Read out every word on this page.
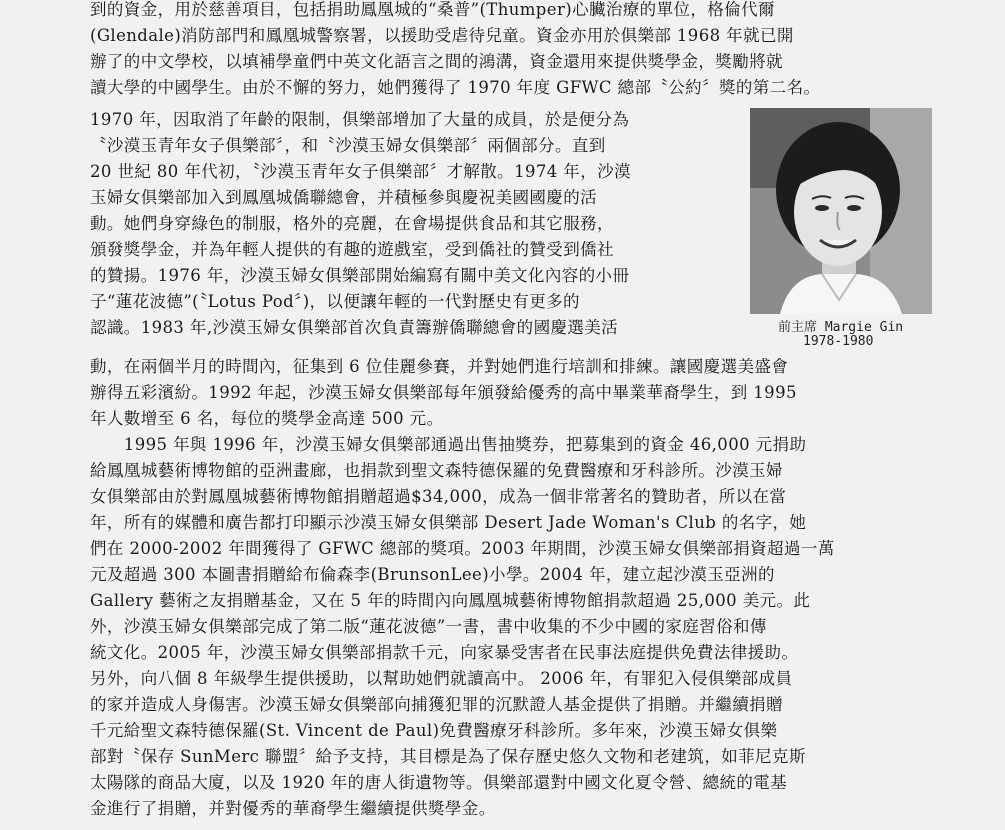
到的資金，用於慈善項目，包括捐助鳳凰城的“桑普”(Thumper)心臟治療的單位，格倫代爾
(Glendale)消防部門和鳳凰城警察署，以援助受虐待兒童。資金亦用於俱樂部 1968 年就已開
辦了的中文學校，以填補學童們中英文化語言之間的鴻溝，資金還用來提供獎學金，獎勵將就
讀大學的中國學生。由於不懈的努力，她們獲得了 1970 年度 GFWC 總部〝公約〞獎的第二名。
1970 年，因取消了年齡的限制，俱樂部增加了大量的成員，於是便分為
〝沙漠玉青年女子俱樂部〞，和〝沙漠玉婦女俱樂部〞兩個部分。直到
20 世紀 80 年代初，〝沙漠玉青年女子俱樂部〞才解散。1974 年，沙漠
玉婦女俱樂部加入到鳳凰城僑聯總會，并積極參與慶祝美國國慶的活
動。她們身穿綠色的制服，格外的亮麗，在會場提供食品和其它服務，
頒發獎學金，并為年輕人提供的有趣的遊戲室，受到僑社的贊受到僑社
的贊揚。1976 年，沙漠玉婦女俱樂部開始編寫有關中美文化內容的小冊
子“蓮花波德”(〝Lotus Pod〞)，以便讓年輕的一代對歷史有更多的
認識。1983 年,沙漠玉婦女俱樂部首次負責籌辦僑聯總會的國慶選美活
動，在兩個半月的時間內，征集到 6 位佳麗參賽，并對她們進行培訓和排練。讓國慶選美盛會
辦得五彩濱紛。1992 年起，沙漠玉婦女俱樂部每年頒發給優秀的高中畢業華裔學生，到 1995
年人數增至 6 名，每位的獎學金高達 500 元。
　　1995 年與 1996 年，沙漠玉婦女俱樂部通過出售抽獎券，把募集到的資金 46,000 元捐助
給鳳凰城藝術博物館的亞洲畫廊，也捐款到聖文森特德保羅的免費醫療和牙科診所。沙漠玉婦
女俱樂部由於對鳳凰城藝術博物館捐贈超過$34,000，成為一個非常著名的贊助者，所以在當
年，所有的媒體和廣告都打印顯示沙漠玉婦女俱樂部 Desert Jade Woman's Club 的名字，她
們在 2000-2002 年間獲得了 GFWC 總部的獎項。2003 年期間，沙漠玉婦女俱樂部捐資超過一萬
元及超過 300 本圖書捐贈給布倫森李(BrunsonLee)小學。2004 年，建立起沙漠玉亞洲的
Gallery 藝術之友捐贈基金，又在 5 年的時間內向鳳凰城藝術博物館捐款超過 25,000 美元。此
外，沙漠玉婦女俱樂部完成了第二版“蓮花波德”一書，書中收集的不少中國的家庭習俗和傳
統文化。2005 年，沙漠玉婦女俱樂部捐款千元，向家暴受害者在民事法庭提供免費法律援助。
另外，向八個 8 年級學生提供援助，以幫助她們就讀高中。 2006 年，有罪犯入侵俱樂部成員
的家并造成人身傷害。沙漠玉婦女俱樂部向捕獲犯罪的沉默證人基金提供了捐贈。并繼續捐贈
千元給聖文森特德保羅(St. Vincent de Paul)免費醫療牙科診所。多年來，沙漠玉婦女俱樂
部對〝保存 SunMerc 聯盟〞給予支持，其目標是為了保存歷史悠久文物和老建筑，如菲尼克斯
太陽隊的商品大廈，以及 1920 年的唐人街遺物等。俱樂部還對中國文化夏令營、總統的電基
金進行了捐贈，并對優秀的華裔學生繼續提供獎學金。
前主席 Margie Gin
1978-1980
